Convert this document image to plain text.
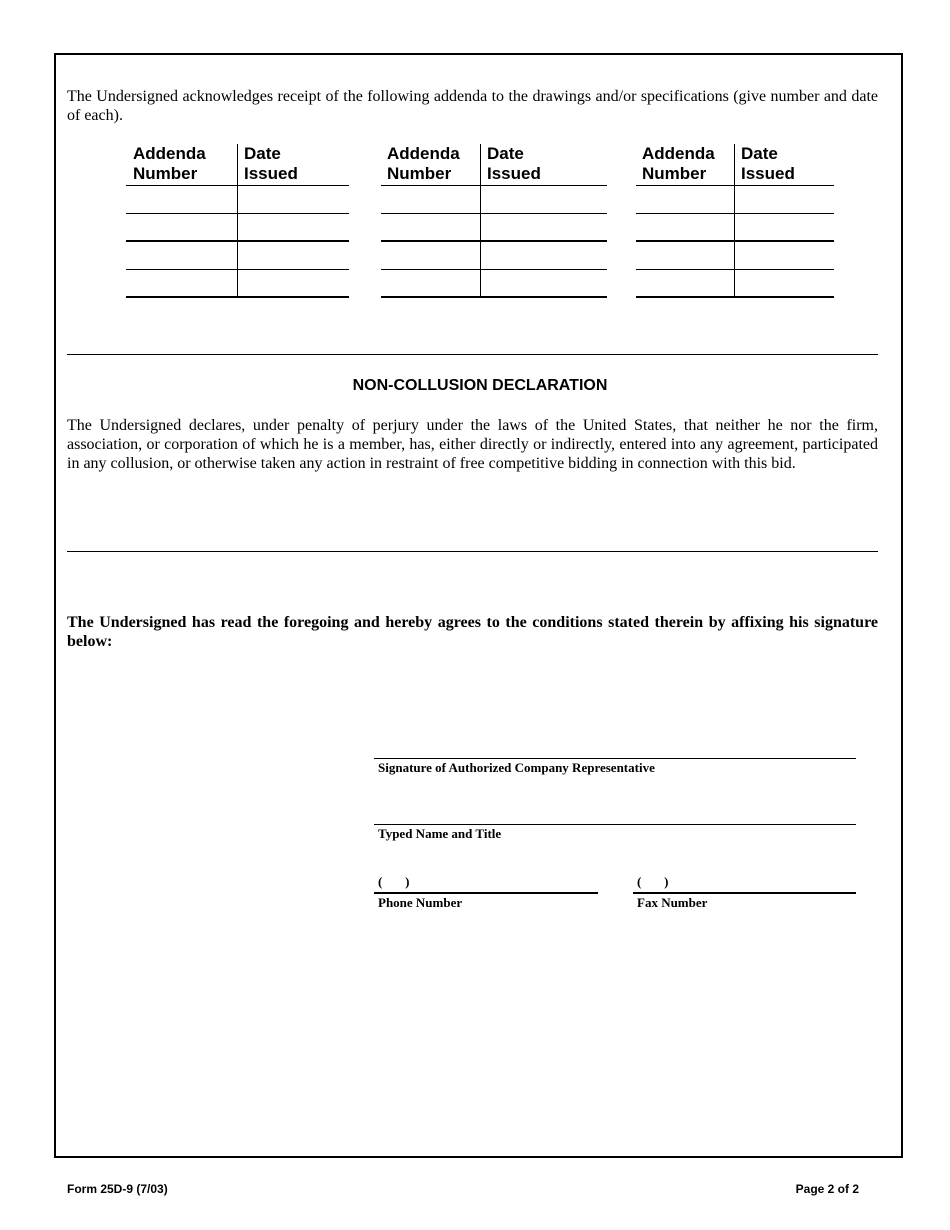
The Undersigned acknowledges receipt of the following addenda to the drawings and/or specifications (give number and date of each).

Addenda
Number
Date
Issued
Addenda
Number
Date
Issued
Addenda
Number
Date
Issued
NON-COLLUSION DECLARATION

The Undersigned declares, under penalty of perjury under the laws of the United States, that neither he nor the firm, association, or corporation of which he is a member, has, either directly or indirectly, entered into any agreement, participated in any collusion, or otherwise taken any action in restraint of free competitive bidding in connection with this bid.

The Undersigned has read the foregoing and hereby agrees to the conditions stated therein by affixing his signature below:

Signature of Authorized Company Representative
Typed Name and Title
(       )
Phone Number
(       )
Fax Number
Form 25D-9 (7/03)	Page 2 of 2
